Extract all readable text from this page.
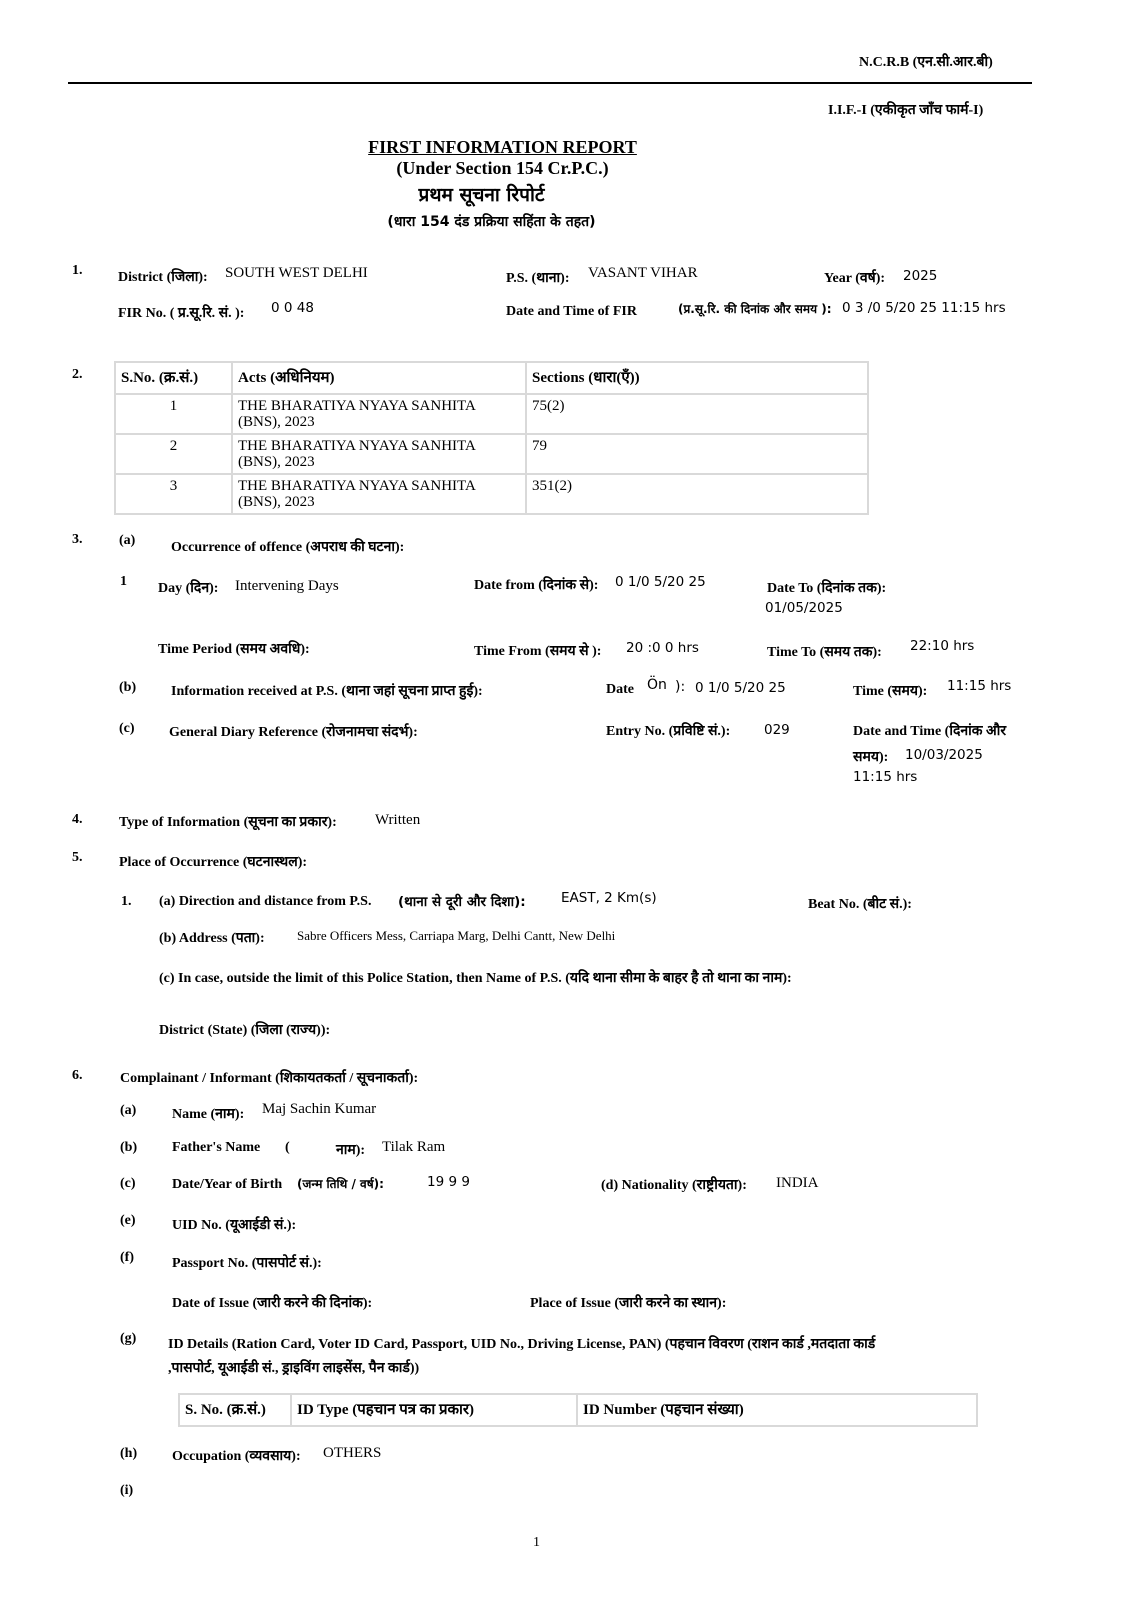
N.C.R.B (एन.सी.आर.बी)
I.I.F.-I (एकीकृत जाँच फार्म-I)
FIRST INFORMATION REPORT
(Under Section 154 Cr.P.C.)
प्रथम सूचना रिपोर्ट
(धारा 154 दंड प्रक्रिया सहिंता के तहत)
1.	District (जिला): SOUTH WEST DELHI	P.S. (थाना): VASANT VIHAR	Year (वर्ष): 2025
FIR No. ( प्र.सू.रि. सं. ): 0 0 48	Date and Time of FIR	(प्र.सू.रि. की दिनांक और समय ): 0 3 /0 5/20 25 11:15 hrs
2.	S.No. (क्र.सं.)	Acts (अधिनियम)	Sections (धारा(एँ))
1	THE BHARATIYA NYAYA SANHITA (BNS), 2023	75(2)
2	THE BHARATIYA NYAYA SANHITA (BNS), 2023	79
3	THE BHARATIYA NYAYA SANHITA (BNS), 2023	351(2)
3.	(a)	Occurrence of offence (अपराध की घटना):
1 Day (दिन): Intervening Days	Date from (दिनांक से): 0 1/0 5/20 25	Date To (दिनांक तक):
01/05/2025
Time Period (समय अवधि):	Time From (समय से ): 20 :0 0 hrs	Time To (समय तक): 22:10 hrs
(b) Information received at P.S. (थाना जहां सूचना प्राप्त हुई):	Date Ön ): 0 1/0 5/20 25	Time (समय): 11:15 hrs
(c) General Diary Reference (रोजनामचा संदर्भ):	Entry No. (प्रविष्टि सं.):	029	Date and Time (दिनांक और
समय): 10/03/2025
11:15 hrs
4.	Type of Information (सूचना का प्रकार):	Written
5.	Place of Occurrence (घटनास्थल):
1. (a) Direction and distance from P.S. (थाना से दूरी और दिशा):	EAST, 2 Km(s)	Beat No. (बीट सं.):
(b) Address (पता): Sabre Officers Mess, Carriapa Marg, Delhi Cantt, New Delhi
(c) In case, outside the limit of this Police Station, then Name of P.S. (यदि थाना सीमा के बाहर है तो थाना का नाम):
District (State) (जिला (राज्य)):
6.	Complainant / Informant (शिकायतकर्ता / सूचनाकर्ता):
(a)	Name (नाम): Maj Sachin Kumar
(b) Father's Name (	नाम): Tilak Ram
(c)	Date/Year of Birth (जन्म तिथि / वर्ष):	19 9 9	(d) Nationality (राष्ट्रीयता): INDIA
(e)	UID No. (यूआईडी सं.):
(f)	Passport No. (पासपोर्ट सं.):
Date of Issue (जारी करने की दिनांक):	Place of Issue (जारी करने का स्थान):
(g) ID Details (Ration Card, Voter ID Card, Passport, UID No., Driving License, PAN) (पहचान विवरण (राशन कार्ड ,मतदाता कार्ड
,पासपोर्ट, यूआईडी सं., ड्राइविंग लाइसेंस, पैन कार्ड))
S. No. (क्र.सं.)	ID Type (पहचान पत्र का प्रकार)	ID Number (पहचान संख्या)
(h) Occupation (व्यवसाय): OTHERS
(i)
1
